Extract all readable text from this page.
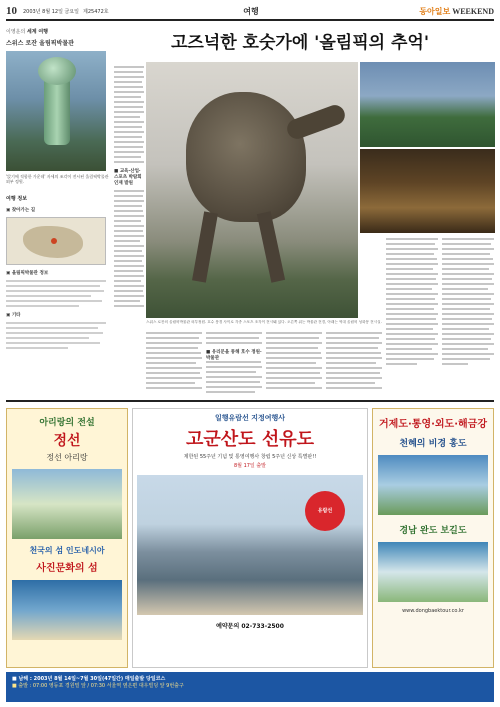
10 2003년 8월 12일 금요일 제25472호	여행	동아일보 WEEKEND
고즈넉한 호숫가에 '올림픽의 추억'
이영운의 세계 여행
스위스 로잔 올림픽박물관
'앉기에 적합한 가운데' 자세의 조각이 전시된 올림픽박물관 외부 정원.
여행 정보
▣ 찾아가는 길
▣ 올림픽박물관 정보
▣ 기타
■ 교육·산업·스포츠 박람회 인재 발원
스위스 로잔의 올림픽박물관 외부정원. 호수 풍경 사이로 각종 스포츠 조각이 전시돼 있다. 오른쪽 위는 박물관 전경, 아래는 역대 올림픽 성화봉 전시실.
■ 유리문을 통해 호수 정원·박물관
아리랑의 전설
정선
정선 아리랑
천국의 섬 인도네시아
사진문화의 섬
일행유람선 지정여행사
고군산도 선유도
제한된 55주년 기념 및 통영여행사 창립 5주년 신상 특별판!!
8월 17일 출발
유람선
예약문의 02-733-2500
거제도·통영·외도·해금강
천혜의 비경 홍도
경남 완도 보길도
www.dongbaektour.co.kr
■ 남해 : 2003년 8월 14일~7월 30일(47일간) 매일출발 당일코스
■ 출발 : 07:00 영등포 경원밀 앞 / 07:30 서울역 옆은편 대우빌딩 앞 9번출구
